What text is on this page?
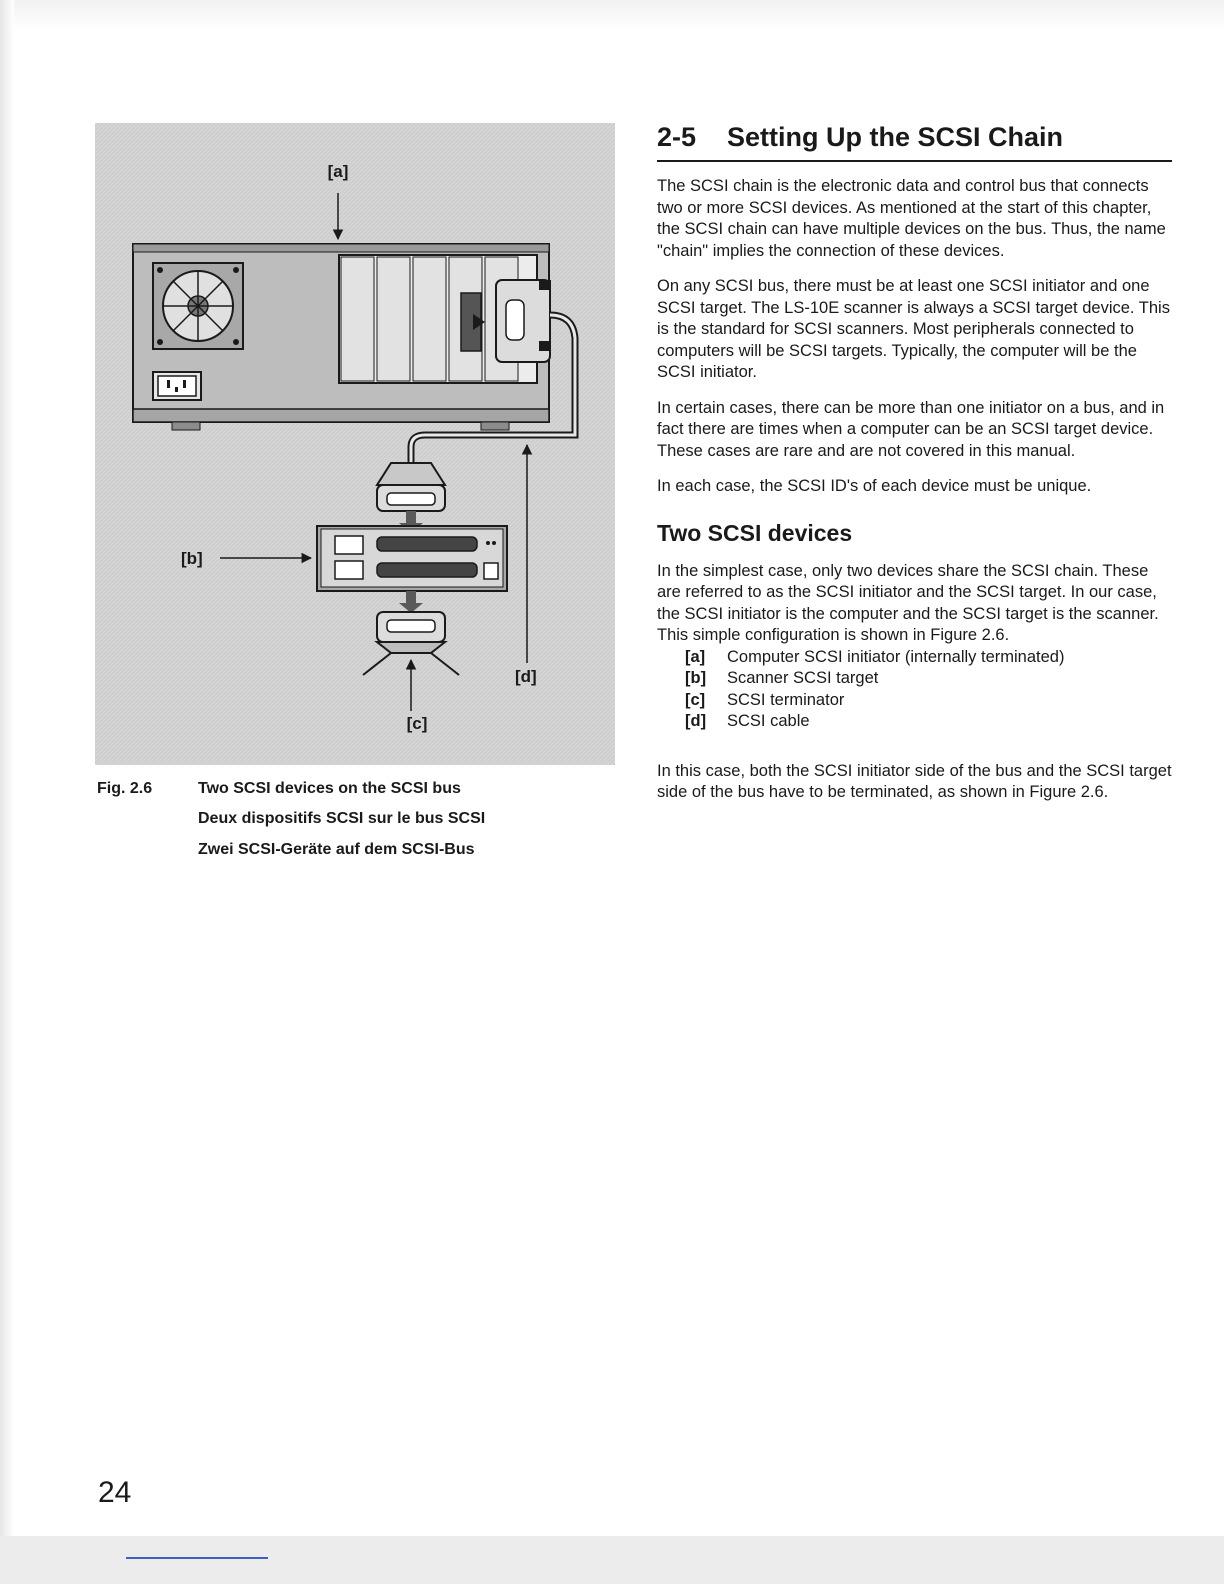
[a]
[b]
[c]
[d]
Fig. 2.6	Two SCSI devices on the SCSI bus
Deux dispositifs SCSI sur le bus SCSI
Zwei SCSI-Geräte auf dem SCSI-Bus
2-5 Setting Up the SCSI Chain

The SCSI chain is the electronic data and control bus that connects two or more SCSI devices. As mentioned at the start of this chapter, the SCSI chain can have multiple devices on the bus. Thus, the name "chain" implies the connection of these devices.

On any SCSI bus, there must be at least one SCSI initiator and one SCSI target. The LS-10E scanner is always a SCSI target device. This is the standard for SCSI scanners. Most peripherals connected to computers will be SCSI targets. Typically, the computer will be the SCSI initiator.

In certain cases, there can be more than one initiator on a bus, and in fact there are times when a computer can be an SCSI target device. These cases are rare and are not covered in this manual.

In each case, the SCSI ID's of each device must be unique.

Two SCSI devices

In the simplest case, only two devices share the SCSI chain. These are referred to as the SCSI initiator and the SCSI target. In our case, the SCSI initiator is the computer and the SCSI target is the scanner. This simple configuration is shown in Figure 2.6.

[a] Computer SCSI initiator (internally terminated)
[b] Scanner SCSI target
[c] SCSI terminator
[d] SCSI cable

In this case, both the SCSI initiator side of the bus and the SCSI target side of the bus have to be terminated, as shown in Figure 2.6.

24
